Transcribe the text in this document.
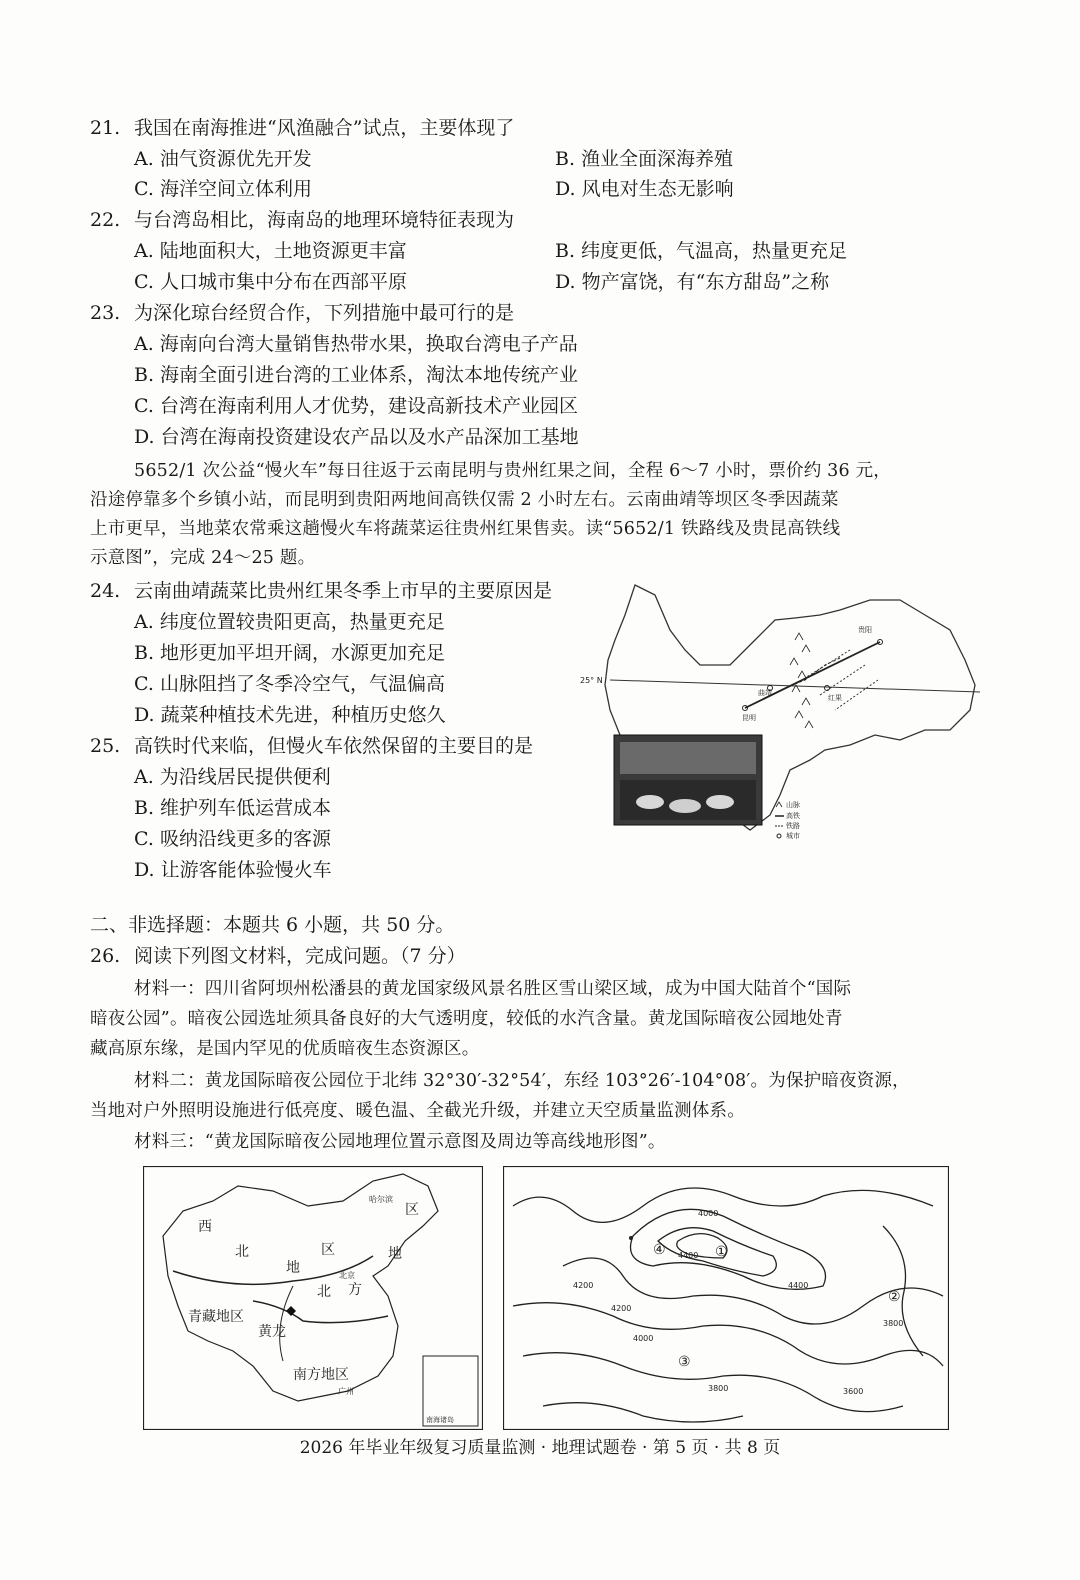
21. 我国在南海推进“风渔融合”试点，主要体现了
A. 油气资源优先开发	B. 渔业全面深海养殖
C. 海洋空间立体利用	D. 风电对生态无影响
22. 与台湾岛相比，海南岛的地理环境特征表现为
A. 陆地面积大，土地资源更丰富	B. 纬度更低，气温高，热量更充足
C. 人口城市集中分布在西部平原	D. 物产富饶，有“东方甜岛”之称
23. 为深化琼台经贸合作，下列措施中最可行的是
A. 海南向台湾大量销售热带水果，换取台湾电子产品
B. 海南全面引进台湾的工业体系，淘汰本地传统产业
C. 台湾在海南利用人才优势，建设高新技术产业园区
D. 台湾在海南投资建设农产品以及水产品深加工基地
5652/1 次公益“慢火车”每日往返于云南昆明与贵州红果之间，全程 6～7 小时，票价约 36 元，
沿途停靠多个乡镇小站，而昆明到贵阳两地间高铁仅需 2 小时左右。云南曲靖等坝区冬季因蔬菜
上市更早，当地菜农常乘这趟慢火车将蔬菜运往贵州红果售卖。读“5652/1 铁路线及贵昆高铁线
示意图”，完成 24～25 题。
24. 云南曲靖蔬菜比贵州红果冬季上市早的主要原因是
A. 纬度位置较贵阳更高，热量更充足
B. 地形更加平坦开阔，水源更加充足
C. 山脉阻挡了冬季冷空气，气温偏高
D. 蔬菜种植技术先进，种植历史悠久
25. 高铁时代来临，但慢火车依然保留的主要目的是
A. 为沿线居民提供便利
B. 维护列车低运营成本
C. 吸纳沿线更多的客源
D. 让游客能体验慢火车
25° N
贵阳
昆明
曲靖
红果
山脉
高铁
铁路
城市
二、非选择题：本题共 6 小题，共 50 分。
26. 阅读下列图文材料，完成问题。（7 分）
材料一：四川省阿坝州松潘县的黄龙国家级风景名胜区雪山梁区域，成为中国大陆首个“国际
暗夜公园”。暗夜公园选址须具备良好的大气透明度，较低的水汽含量。黄龙国际暗夜公园地处青
藏高原东缘，是国内罕见的优质暗夜生态资源区。
材料二：黄龙国际暗夜公园位于北纬 32°30′-32°54′，东经 103°26′-104°08′。为保护暗夜资源，
当地对户外照明设施进行低亮度、暖色温、全截光升级，并建立天空质量监测体系。
材料三：“黄龙国际暗夜公园地理位置示意图及周边等高线地形图”。
西
北	区
区
地
地
北 方
青藏地区
黄龙
南方地区
广州
北京
哈尔滨
南海诸岛
4000
4400
4200
4200
4000
4400
3800
3800	3600
①
②
③
④
2026 年毕业年级复习质量监测 · 地理试题卷 · 第 5 页 · 共 8 页
